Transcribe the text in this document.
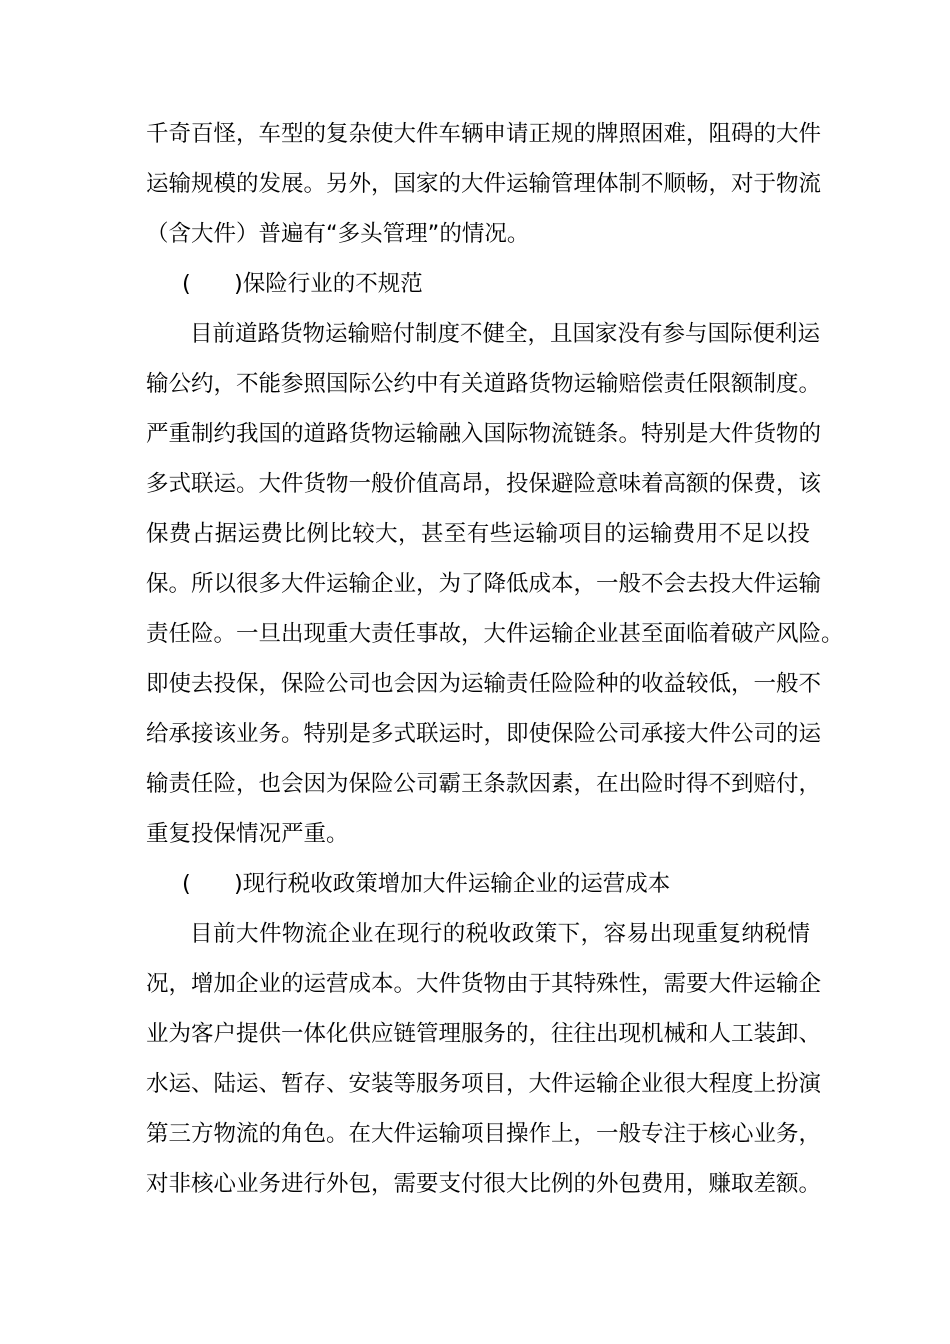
千奇百怪，车型的复杂使大件车辆申请正规的牌照困难，阻碍的大件
运输规模的发展。另外，国家的大件运输管理体制不顺畅，对于物流
（含大件）普遍有“多头管理”的情况。
( )保险行业的不规范
目前道路货物运输赔付制度不健全，且国家没有参与国际便利运
输公约，不能参照国际公约中有关道路货物运输赔偿责任限额制度。
严重制约我国的道路货物运输融入国际物流链条。特别是大件货物的
多式联运。大件货物一般价值高昂，投保避险意味着高额的保费，该
保费占据运费比例比较大，甚至有些运输项目的运输费用不足以投
保。所以很多大件运输企业，为了降低成本，一般不会去投大件运输
责任险。一旦出现重大责任事故，大件运输企业甚至面临着破产风险。
即使去投保，保险公司也会因为运输责任险险种的收益较低，一般不
给承接该业务。特别是多式联运时，即使保险公司承接大件公司的运
输责任险，也会因为保险公司霸王条款因素，在出险时得不到赔付，
重复投保情况严重。
( )现行税收政策增加大件运输企业的运营成本
目前大件物流企业在现行的税收政策下，容易出现重复纳税情
况，增加企业的运营成本。大件货物由于其特殊性，需要大件运输企
业为客户提供一体化供应链管理服务的，往往出现机械和人工装卸、
水运、陆运、暂存、安装等服务项目，大件运输企业很大程度上扮演
第三方物流的角色。在大件运输项目操作上，一般专注于核心业务，
对非核心业务进行外包，需要支付很大比例的外包费用，赚取差额。
